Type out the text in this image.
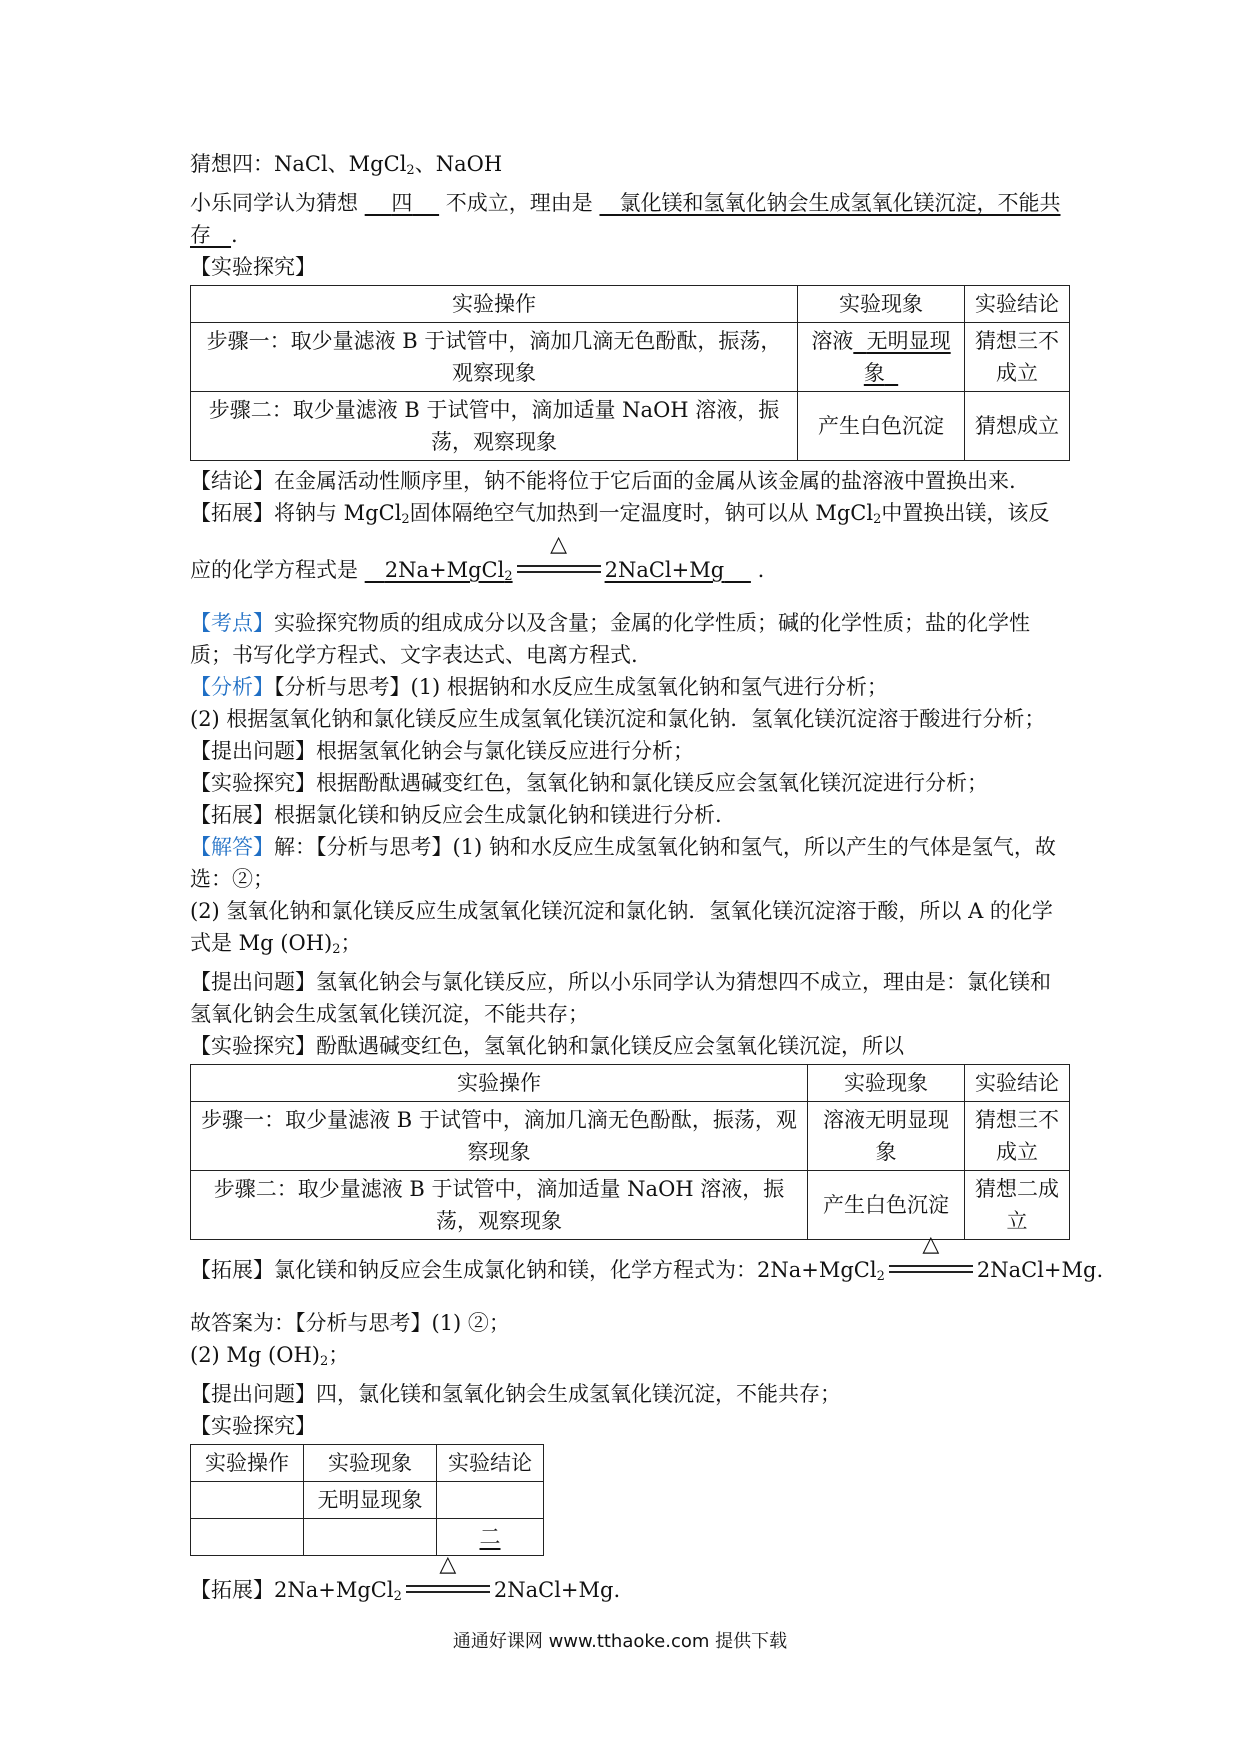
猜想四：NaCl、MgCl$_2$、NaOH
小乐同学认为猜想 四 不成立，理由是 氯化镁和氢氧化钠会生成氢氧化镁沉淀，不能共
存 .
【实验探究】
实验操作	实验现象	实验结论
步骤一：取少量滤液 B 于试管中，滴加几滴无色酚酞，振荡，观察现象	溶液 无明显现象	猜想三不成立
步骤二：取少量滤液 B 于试管中，滴加适量 NaOH 溶液，振荡，观察现象	产生白色沉淀	猜想成立
【结论】在金属活动性顺序里，钠不能将位于它后面的金属从该金属的盐溶液中置换出来.
【拓展】将钠与 MgCl$_2$固体隔绝空气加热到一定温度时，钠可以从 MgCl$_2$中置换出镁，该反
应的化学方程式是 2Na+MgCl$_2$
△
2NaCl+Mg .
【考点】实验探究物质的组成成分以及含量；金属的化学性质；碱的化学性质；盐的化学性质；书写化学方程式、文字表达式、电离方程式.
【分析】【分析与思考】(1) 根据钠和水反应生成氢氧化钠和氢气进行分析；
(2) 根据氢氧化钠和氯化镁反应生成氢氧化镁沉淀和氯化钠．氢氧化镁沉淀溶于酸进行分析；
【提出问题】根据氢氧化钠会与氯化镁反应进行分析；
【实验探究】根据酚酞遇碱变红色，氢氧化钠和氯化镁反应会氢氧化镁沉淀进行分析；
【拓展】根据氯化镁和钠反应会生成氯化钠和镁进行分析.
【解答】解：【分析与思考】(1) 钠和水反应生成氢氧化钠和氢气，所以产生的气体是氢气，故选：②；
(2) 氢氧化钠和氯化镁反应生成氢氧化镁沉淀和氯化钠．氢氧化镁沉淀溶于酸，所以 A 的化学式是 Mg $(OH)_2$；
【提出问题】氢氧化钠会与氯化镁反应，所以小乐同学认为猜想四不成立，理由是：氯化镁和氢氧化钠会生成氢氧化镁沉淀，不能共存；
【实验探究】酚酞遇碱变红色，氢氧化钠和氯化镁反应会氢氧化镁沉淀，所以
实验操作	实验现象	实验结论
步骤一：取少量滤液 B 于试管中，滴加几滴无色酚酞，振荡，观察现象	溶液无明显现象	猜想三不成立
步骤二：取少量滤液 B 于试管中，滴加适量 NaOH 溶液，振荡，观察现象	产生白色沉淀	猜想二成立
【拓展】氯化镁和钠反应会生成氯化钠和镁，化学方程式为：2Na+MgCl$_2$
△
2NaCl+Mg.
故答案为：【分析与思考】(1) ②；
(2) Mg $(OH)_2$；
【提出问题】四，氯化镁和氢氧化钠会生成氢氧化镁沉淀，不能共存；
【实验探究】
实验操作	实验现象	实验结论
	无明显现象	
		二
【拓展】2Na+MgCl$_2$
△
2NaCl+Mg.
通通好课网 www.tthaoke.com 提供下载
